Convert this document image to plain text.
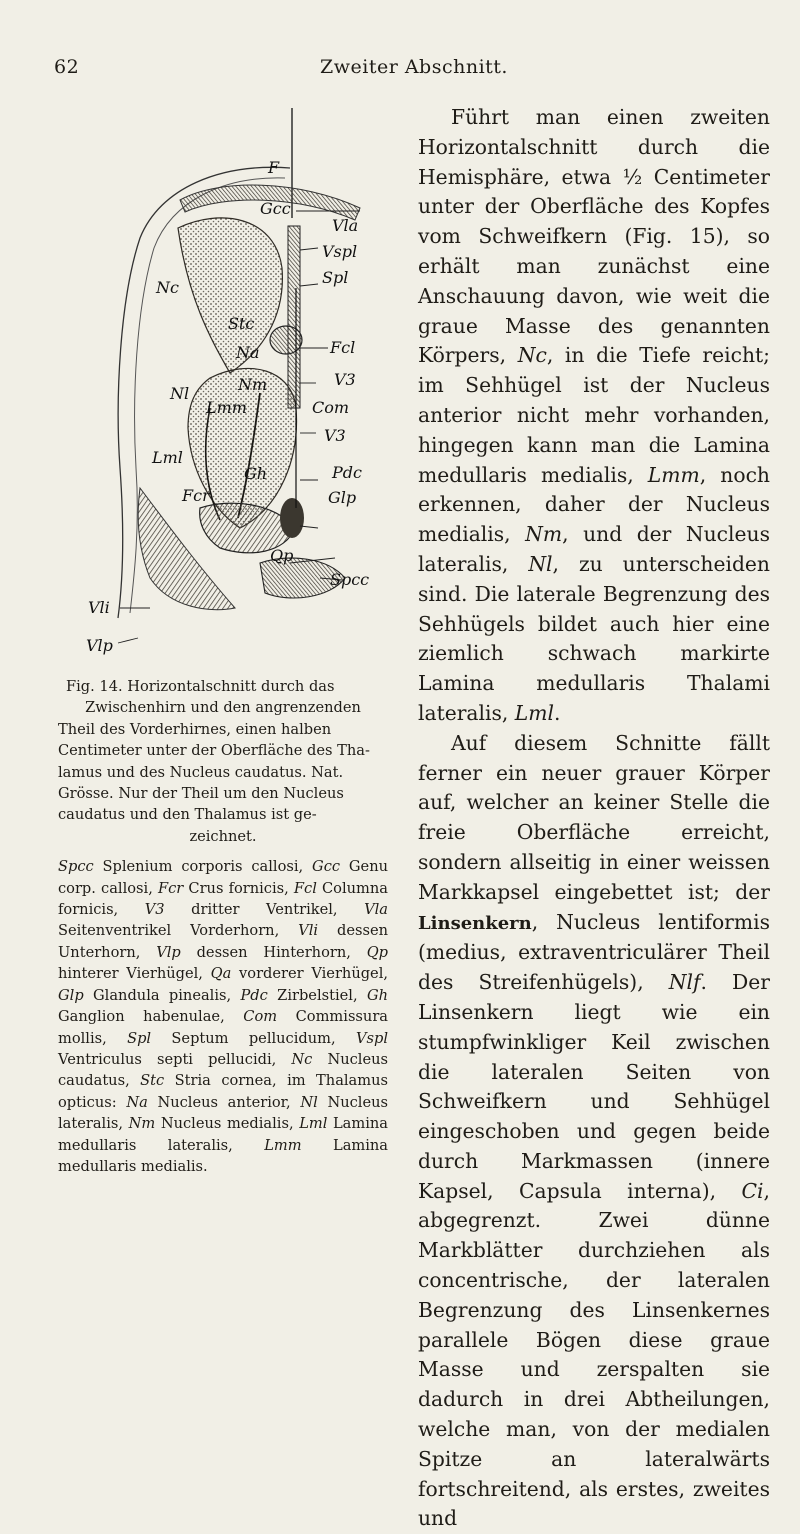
62	Zweiter Abschnitt.
F
Gcc
Vla
Vspl
Spl
Nc
Stc
Fcl
Na
V3
Nm
Nl
Com
Lmm
V3
Lml
Pdc
Gh
Fcr	Glp
Qp
Spcc
Vli
Vlp
Fig. 14. Horizontalschnitt durch das
Zwischenhirn und den angrenzenden
Theil des Vorderhirnes, einen halben
Centimeter unter der Oberfläche des Tha-
lamus und des Nucleus caudatus. Nat.
Grösse. Nur der Theil um den Nucleus
caudatus und den Thalamus ist ge-
zeichnet.
Spcc Splenium corporis callosi, Gcc Genu corp. callosi, Fcr Crus fornicis, Fcl Columna fornicis, V3 dritter Ventrikel, Vla Seitenventrikel Vorderhorn, Vli dessen Unterhorn, Vlp dessen Hinterhorn, Qp hinterer Vierhügel, Qa vorderer Vierhügel, Glp Glandula pinealis, Pdc Zirbelstiel, Gh Ganglion habenulae, Com Commissura mollis, Spl Septum pellucidum, Vspl Ventriculus septi pellucidi, Nc Nucleus caudatus, Stc Stria cornea, im Thalamus opticus: Na Nucleus anterior, Nl Nucleus lateralis, Nm Nucleus medialis, Lml Lamina medullaris lateralis, Lmm Lamina medullaris medialis.

Führt man einen zweiten Horizontalschnitt durch die Hemisphäre, etwa ½ Centimeter unter der Oberfläche des Kopfes vom Schweifkern (Fig. 15), so erhält man zunächst eine Anschauung davon, wie weit die graue Masse des genannten Körpers, Nc, in die Tiefe reicht; im Sehhügel ist der Nucleus anterior nicht mehr vorhanden, hingegen kann man die Lamina medullaris medialis, Lmm, noch erkennen, daher der Nucleus medialis, Nm, und der Nucleus lateralis, Nl, zu unterscheiden sind. Die laterale Begrenzung des Sehhügels bildet auch hier eine ziemlich schwach markirte Lamina medullaris Thalami lateralis, Lml.

Auf diesem Schnitte fällt ferner ein neuer grauer Körper auf, welcher an keiner Stelle die freie Oberfläche erreicht, sondern allseitig in einer weissen Markkapsel eingebettet ist; der Linsenkern, Nucleus lentiformis (medius, extraventriculärer Theil des Streifenhügels), Nlf. Der Linsenkern liegt wie ein stumpfwinkliger Keil zwischen die lateralen Seiten von Schweifkern und Sehhügel eingeschoben und gegen beide durch Markmassen (innere Kapsel, Capsula interna), Ci, abgegrenzt. Zwei dünne Markblätter durchziehen als concentrische, der lateralen Begrenzung des Linsenkernes parallele Bögen diese graue Masse und zerspalten sie dadurch in drei Abtheilungen, welche man, von der medialen Spitze an lateralwärts fortschreitend, als erstes, zweites und
